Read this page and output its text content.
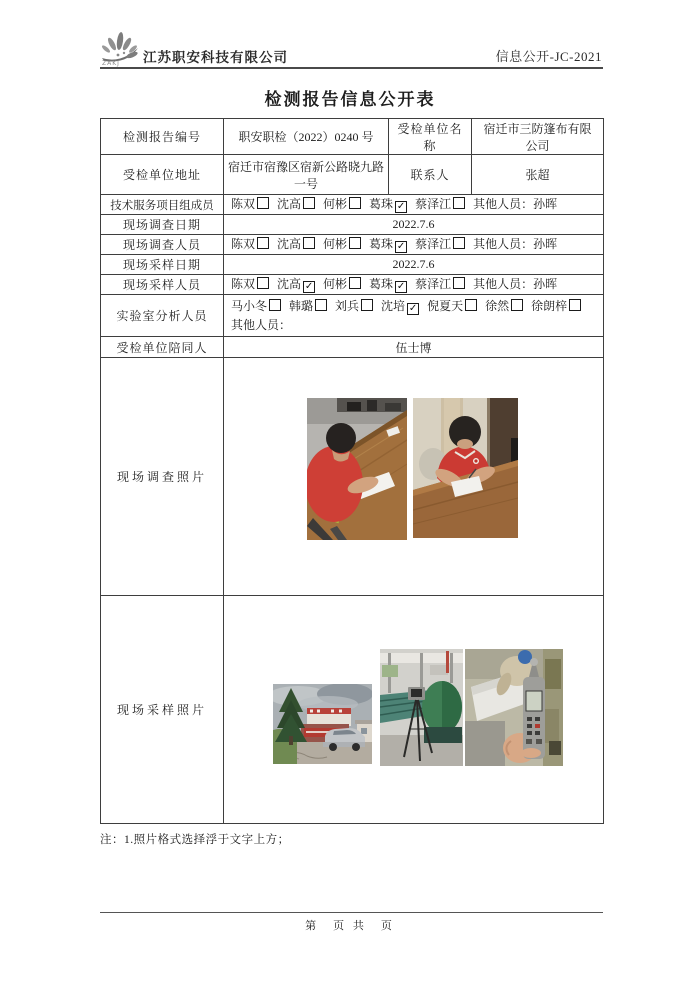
ZAKJ 江苏职安科技有限公司	信息公开-JC-2021
检测报告信息公开表
检测报告编号	职安职检（2022）0240 号	受检单位名称	宿迁市三防篷布有限公司
受检单位地址	宿迁市宿豫区宿新公路晓九路一号	联系人	张超
技术服务项目组成员	陈双 沈高 何彬 葛珠 ✓ 蔡泽江 其他人员：孙晖		
现场调查日期	2022.7.6		
现场调查人员	陈双 沈高 何彬 葛珠 ✓ 蔡泽江 其他人员：孙晖		
现场采样日期	2022.7.6		
现场采样人员	陈双 沈高 ✓ 何彬 葛珠 ✓ 蔡泽江 其他人员：孙晖		
实验室分析人员	马小冬 韩璐 刘兵 沈培 ✓ 倪夏天 徐然 徐朗梓其他人员：		
受检单位陪同人	伍士博		
现场调查照片	

现场采样照片	
注：1.照片格式选择浮于文字上方；
第　页 共　页
